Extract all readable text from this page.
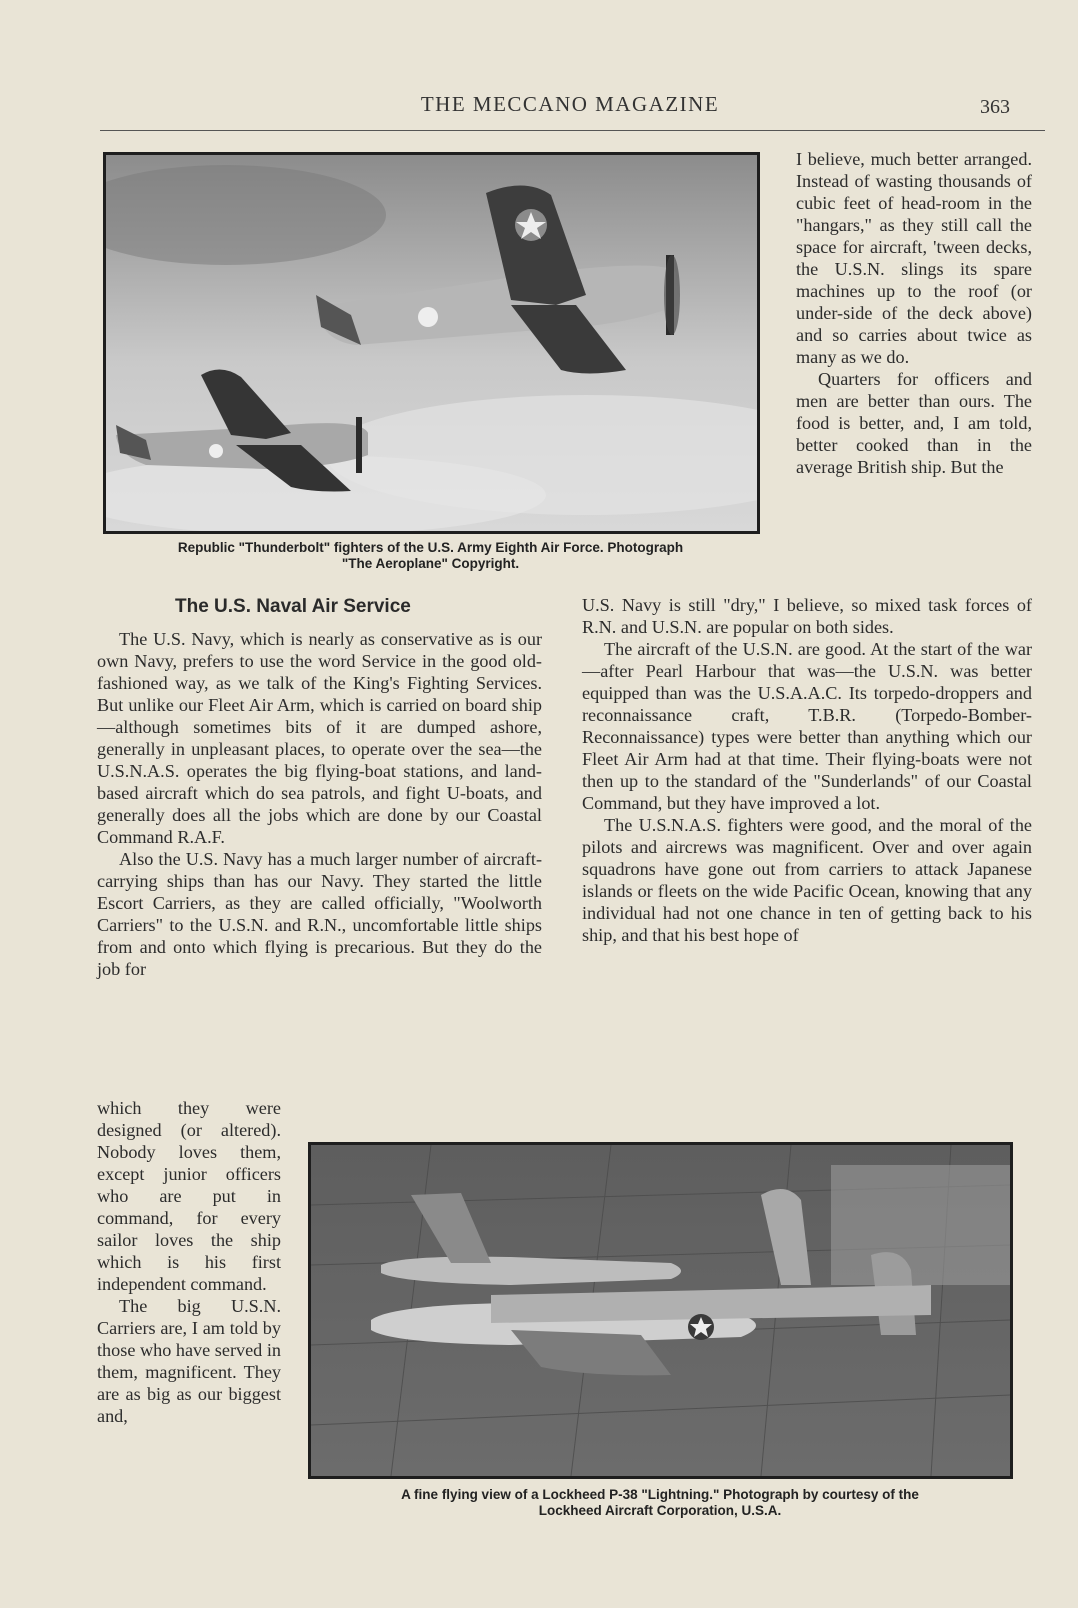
THE MECCANO MAGAZINE	363
Republic "Thunderbolt" fighters of the U.S. Army Eighth Air Force. Photograph
"The Aeroplane" Copyright.

I believe, much better arranged. Instead of wasting thousands of cubic feet of head-room in the "hangars," as they still call the space for aircraft, 'tween decks, the U.S.N. slings its spare machines up to the roof (or under-side of the deck above) and so carries about twice as many as we do.

Quarters for officers and men are better than ours. The food is better, and, I am told, better cooked than in the average British ship. But the

The U.S. Naval Air Service	U.S. Navy is still "dry," I believe, so mixed task forces of R.N. and U.S.N. are popular on both sides.

The aircraft of the U.S.N. are good. At the start of the war—after Pearl Harbour that was—the U.S.N. was better equipped than was the U.S.A.A.C. Its torpedo-droppers and reconnaissance craft, T.B.R. (Torpedo-Bomber-Reconnaissance) types were better than anything which our Fleet Air Arm had at that time. Their flying-boats were not then up to the standard of the "Sunderlands" of our Coastal Command, but they have improved a lot.

The U.S.N.A.S. fighters were good, and the moral of the pilots and aircrews was magnificent. Over and over again squadrons have gone out from carriers to attack Japanese islands or fleets on the wide Pacific Ocean, knowing that any individual had not one chance in ten of getting back to his ship, and that his best hope of

The U.S. Navy, which is nearly as conservative as is our own Navy, prefers to use the word Service in the good old-fashioned way, as we talk of the King's Fighting Services. But unlike our Fleet Air Arm, which is carried on board ship—although sometimes bits of it are dumped ashore, generally in unpleasant places, to operate over the sea—the U.S.N.A.S. operates the big flying-boat stations, and land-based aircraft which do sea patrols, and fight U-boats, and generally does all the jobs which are done by our Coastal Command R.A.F.

Also the U.S. Navy has a much larger number of aircraft-carrying ships than has our Navy. They started the little Escort Carriers, as they are called officially, "Woolworth Carriers" to the U.S.N. and R.N., uncomfortable little ships from and onto which flying is precarious. But they do the job for

which they were designed (or altered). Nobody loves them, except junior officers who are put in command, for every sailor loves the ship which is his first independent command.

The big U.S.N. Carriers are, I am told by those who have served in them, magnificent. They are as big as our biggest and,

A fine flying view of a Lockheed P-38 "Lightning." Photograph by courtesy of the
Lockheed Aircraft Corporation, U.S.A.
